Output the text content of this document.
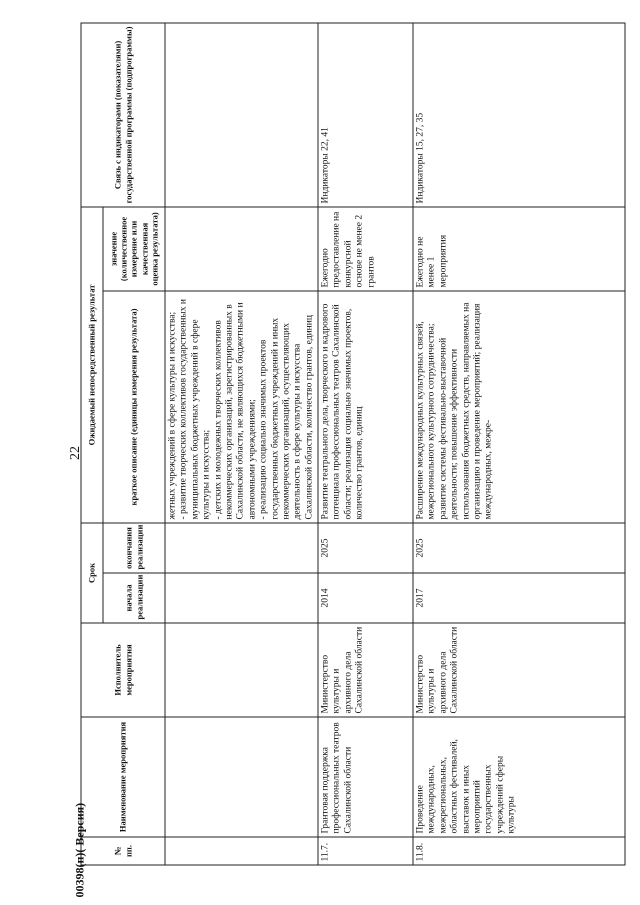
22
№ пп.	Наименование мероприятия	Исполнитель мероприятия	Срок		Ожидаемый непосредственный результат		Связь с индикаторами (показателями) государственной программы (подпрограммы)
			начала реализации	окончания реализации	краткое описание (единицы измерения результата)	значение (количественное измерение или качественная оценка результата)	
					жетных учреждений в сфере культуры и искусства;
- развитие творческих коллективов государственных и муниципальных бюджетных учреждений в сфере культуры и искусства;
- детских и молодежных творческих коллективов некоммерческих организаций, зарегистрированных в Сахалинской области, не являющихся бюджетными и автономными учреждениями;
- реализацию социально значимых проектов государственных бюджетных учреждений и иных некоммерческих организаций, осуществляющих деятельность в сфере культуры и искусства Сахалинской области, количество грантов, единиц		
11.7.	Грантовая поддержка профессиональных театров Сахалинской области	Министерство культуры и архивного дела Сахалинской области	2014	2025	Развитие театрального дела, творческого и кадрового потенциала профессиональных театров Сахалинской области; реализация социально значимых проектов, количество грантов, единиц	Ежегодно предоставление на конкурсной основе не менее 2 грантов	Индикаторы 22, 41
11.8.	Проведение международных, межрегиональных, областных фестивалей, выставок и иных мероприятий государственных учреждений сферы культуры	Министерство культуры и архивного дела Сахалинской области	2017	2025	Расширение международных культурных связей, межрегионального культурного сотрудничества; развитие системы фестивально-выставочной деятельности; повышение эффективности использования бюджетных средств, направляемых на организацию и проведение мероприятий; реализация международных, межре-	Ежегодно не менее 1 мероприятия	Индикаторы 15, 27, 35
00398(п)( Версия)
